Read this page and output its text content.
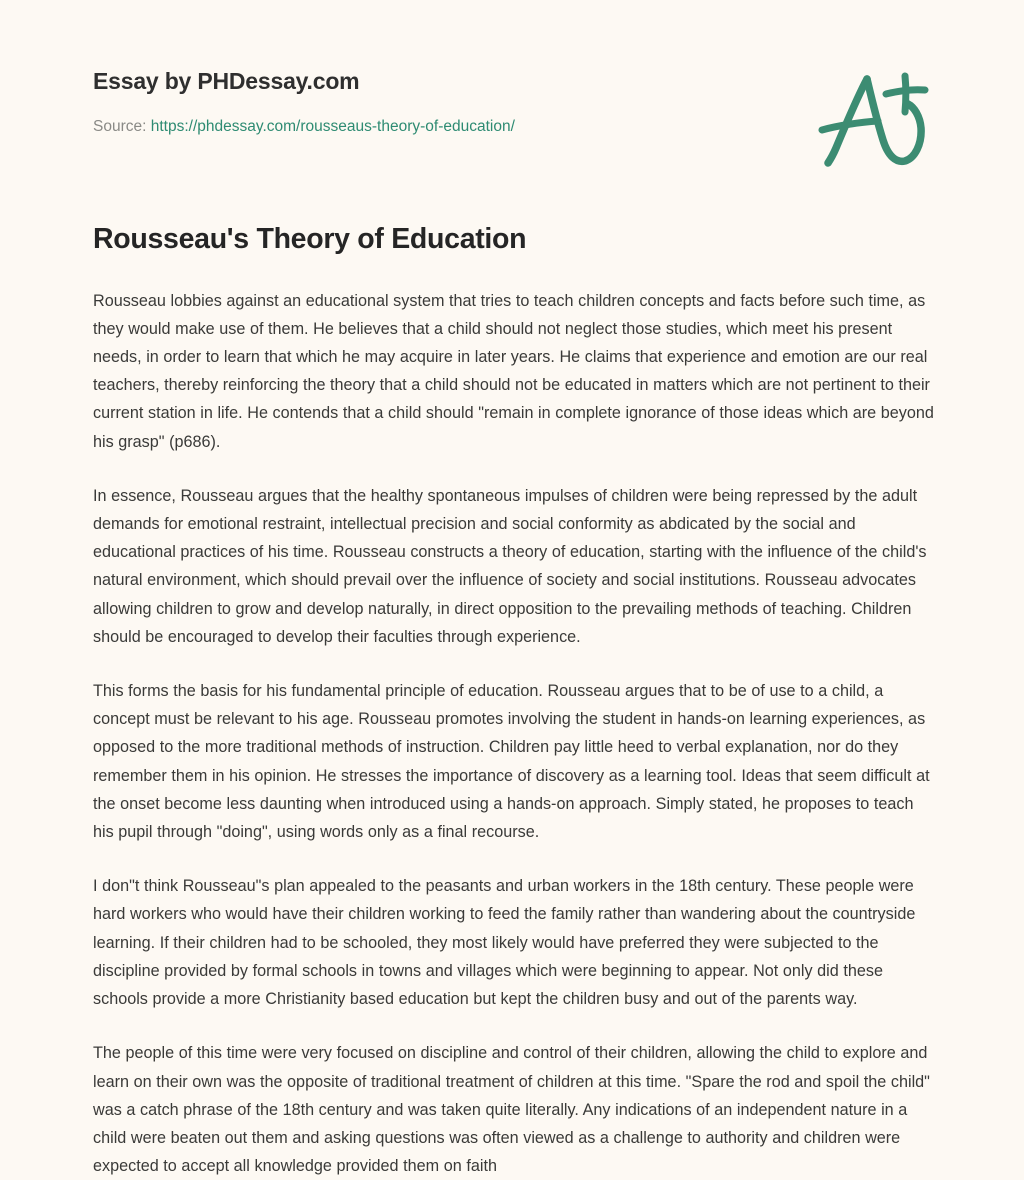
Essay by PHDessay.com
Source: https://phdessay.com/rousseaus-theory-of-education/
Rousseau's Theory of Education

Rousseau lobbies against an educational system that tries to teach children concepts and facts before such time, as they would make use of them. He believes that a child should not neglect those studies, which meet his present needs, in order to learn that which he may acquire in later years. He claims that experience and emotion are our real teachers, thereby reinforcing the theory that a child should not be educated in matters which are not pertinent to their current station in life. He contends that a child should "remain in complete ignorance of those ideas which are beyond his grasp" (p686).

In essence, Rousseau argues that the healthy spontaneous impulses of children were being repressed by the adult demands for emotional restraint, intellectual precision and social conformity as abdicated by the social and educational practices of his time. Rousseau constructs a theory of education, starting with the influence of the child's natural environment, which should prevail over the influence of society and social institutions. Rousseau advocates allowing children to grow and develop naturally, in direct opposition to the prevailing methods of teaching. Children should be encouraged to develop their faculties through experience.

This forms the basis for his fundamental principle of education. Rousseau argues that to be of use to a child, a concept must be relevant to his age. Rousseau promotes involving the student in hands-on learning experiences, as opposed to the more traditional methods of instruction. Children pay little heed to verbal explanation, nor do they remember them in his opinion. He stresses the importance of discovery as a learning tool. Ideas that seem difficult at the onset become less daunting when introduced using a hands-on approach. Simply stated, he proposes to teach his pupil through "doing", using words only as a final recourse.

I don"t think Rousseau"s plan appealed to the peasants and urban workers in the 18th century. These people were hard workers who would have their children working to feed the family rather than wandering about the countryside learning. If their children had to be schooled, they most likely would have preferred they were subjected to the discipline provided by formal schools in towns and villages which were beginning to appear. Not only did these schools provide a more Christianity based education but kept the children busy and out of the parents way.

The people of this time were very focused on discipline and control of their children, allowing the child to explore and learn on their own was the opposite of traditional treatment of children at this time. "Spare the rod and spoil the child" was a catch phrase of the 18th century and was taken quite literally. Any indications of an independent nature in a child were beaten out them and asking questions was often viewed as a challenge to authority and children were expected to accept all knowledge provided them on faith
